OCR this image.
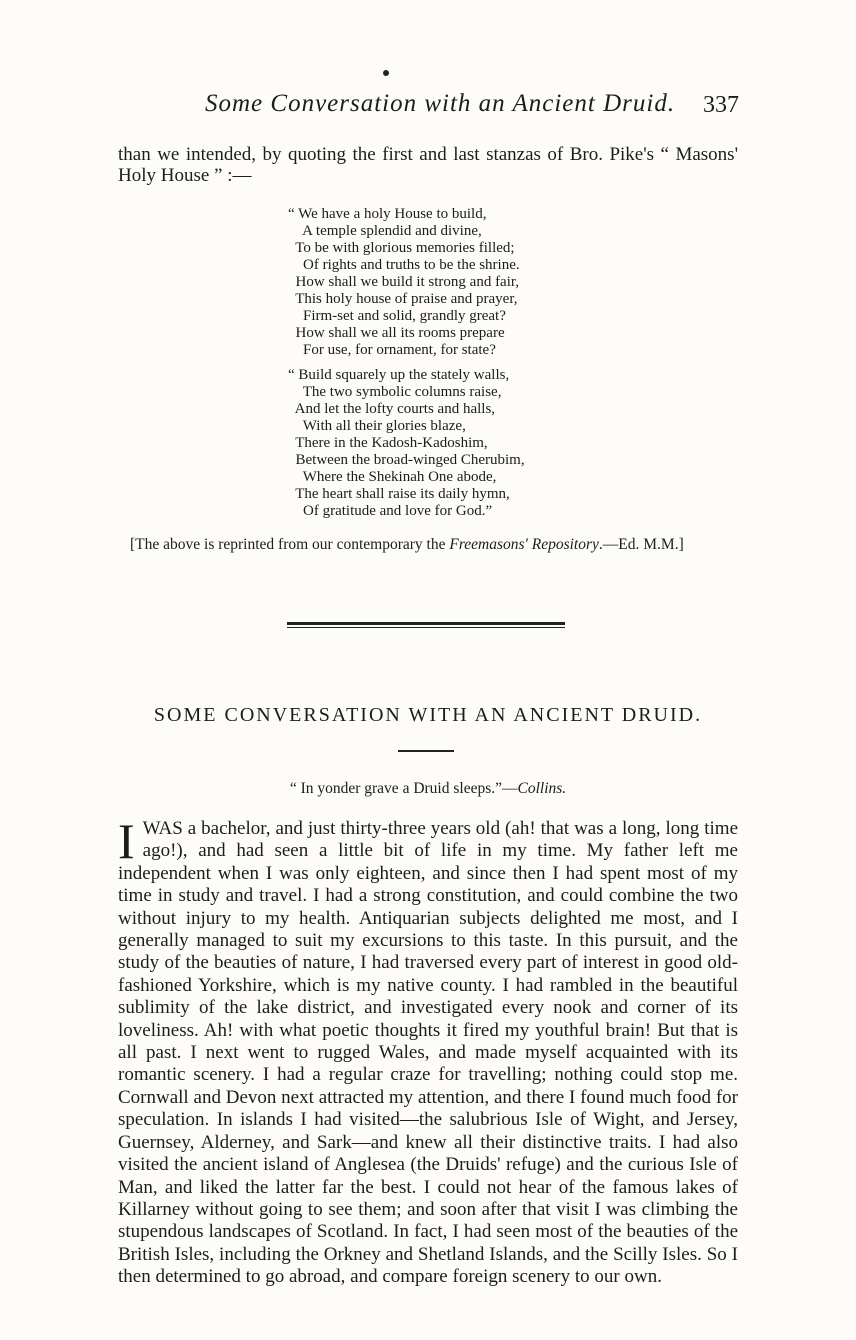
Some Conversation with an Ancient Druid. 337
than we intended, by quoting the first and last stanzas of Bro. Pike's “ Masons' Holy House ” :—
“ We have a holy House to build,
A temple splendid and divine,
To be with glorious memories filled;
Of rights and truths to be the shrine.
How shall we build it strong and fair,
This holy house of praise and prayer,
Firm-set and solid, grandly great?
How shall we all its rooms prepare
For use, for ornament, for state?
“ Build squarely up the stately walls,
The two symbolic columns raise,
And let the lofty courts and halls,
With all their glories blaze,
There in the Kadosh-Kadoshim,
Between the broad-winged Cherubim,
Where the Shekinah One abode,
The heart shall raise its daily hymn,
Of gratitude and love for God.”
[The above is reprinted from our contemporary the Freemasons' Repository.—Ed. M.M.]
SOME CONVERSATION WITH AN ANCIENT DRUID.
“ In yonder grave a Druid sleeps.”—Collins.
I WAS a bachelor, and just thirty-three years old (ah! that was a long, long time ago!), and had seen a little bit of life in my time. My father left me independent when I was only eighteen, and since then I had spent most of my time in study and travel. I had a strong constitution, and could combine the two without injury to my health. Antiquarian subjects delighted me most, and I generally managed to suit my excursions to this taste. In this pursuit, and the study of the beauties of nature, I had traversed every part of interest in good old-fashioned Yorkshire, which is my native county. I had rambled in the beautiful sublimity of the lake district, and investigated every nook and corner of its loveliness. Ah! with what poetic thoughts it fired my youthful brain! But that is all past. I next went to rugged Wales, and made myself acquainted with its romantic scenery. I had a regular craze for travelling; nothing could stop me. Cornwall and Devon next attracted my attention, and there I found much food for speculation. In islands I had visited—the salubrious Isle of Wight, and Jersey, Guernsey, Alderney, and Sark—and knew all their distinctive traits. I had also visited the ancient island of Anglesea (the Druids' refuge) and the curious Isle of Man, and liked the latter far the best. I could not hear of the famous lakes of Killarney without going to see them; and soon after that visit I was climbing the stupendous landscapes of Scotland. In fact, I had seen most of the beauties of the British Isles, including the Orkney and Shetland Islands, and the Scilly Isles. So I then determined to go abroad, and compare foreign scenery to our own.
